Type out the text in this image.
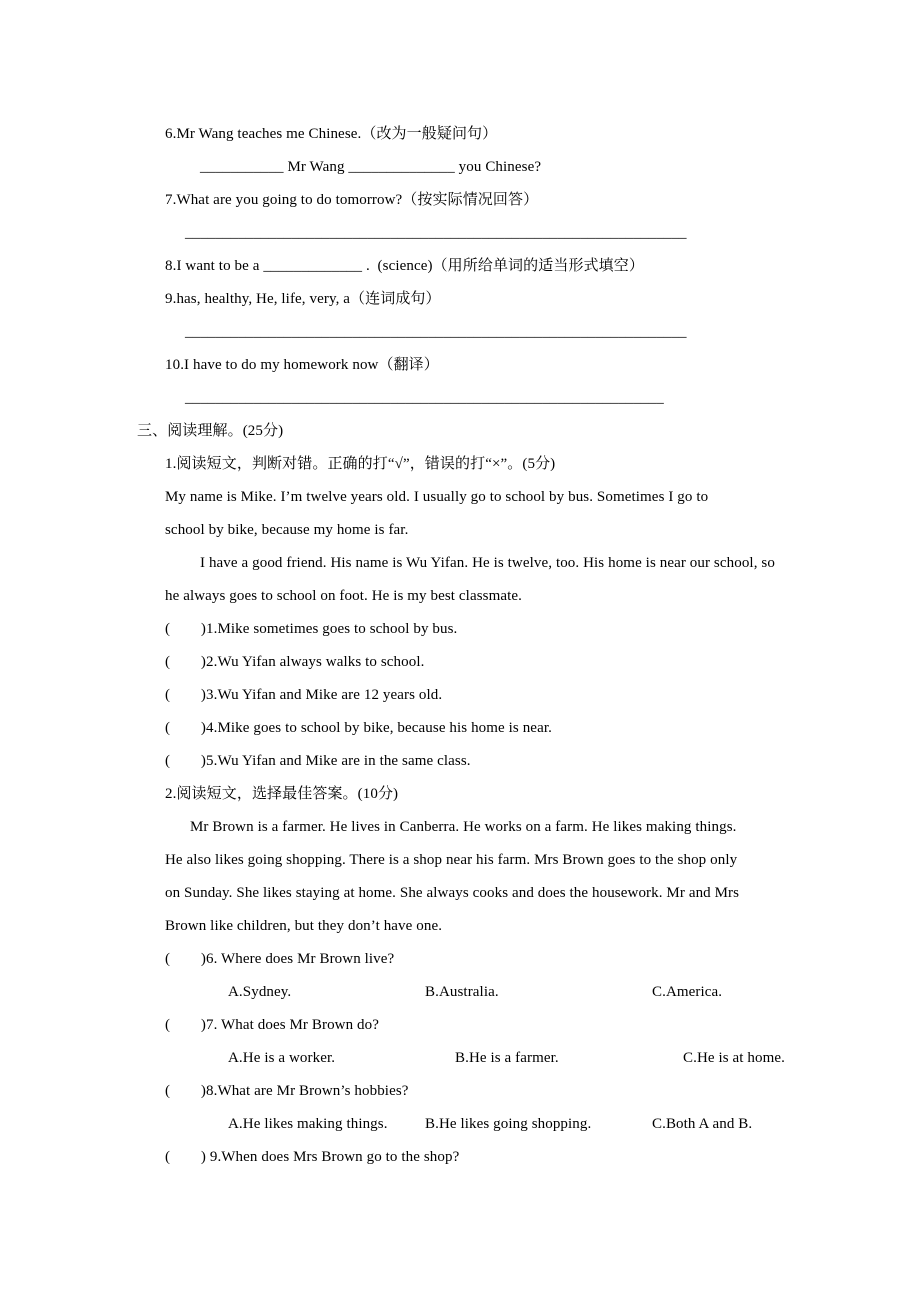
6.Mr Wang teaches me Chinese.（改为一般疑问句）
___________ Mr Wang ______________ you Chinese?
7.What are you going to do tomorrow?（按实际情况回答）
__________________________________________________________________
8.I want to be a _____________ .  (science)（用所给单词的适当形式填空）
9.has, healthy, He, life, very, a（连词成句）
__________________________________________________________________
10.I have to do my homework now（翻译）
_______________________________________________________________
三、阅读理解。(25分)
1.阅读短文，判断对错。正确的打“√”，错误的打“×”。(5分)
My name is Mike. I’m twelve years old. I usually go to school by bus. Sometimes I go to
school by bike, because my home is far.
I have a good friend. His name is Wu Yifan. He is twelve, too. His home is near our school, so
he always goes to school on foot. He is my best classmate.
(        )1.Mike sometimes goes to school by bus.
(        )2.Wu Yifan always walks to school.
(        )3.Wu Yifan and Mike are 12 years old.
(        )4.Mike goes to school by bike, because his home is near.
(        )5.Wu Yifan and Mike are in the same class.
2.阅读短文，选择最佳答案。(10分)
Mr Brown is a farmer. He lives in Canberra. He works on a farm. He likes making things.
He also likes going shopping. There is a shop near his farm. Mrs Brown goes to the shop only
on Sunday. She likes staying at home. She always cooks and does the housework. Mr and Mrs
Brown like children, but they don’t have one.
(        )6. Where does Mr Brown live?

A.Sydney.

	B.Australia.

	C.America.

(        )7. What does Mr Brown do?

A.He is a worker.

	B.He is a farmer.

	C.He is at home.

(        )8.What are Mr Brown’s hobbies?

A.He likes making things.

B.He likes going shopping.

	C.Both A and B.

(        ) 9.When does Mrs Brown go to the shop?
